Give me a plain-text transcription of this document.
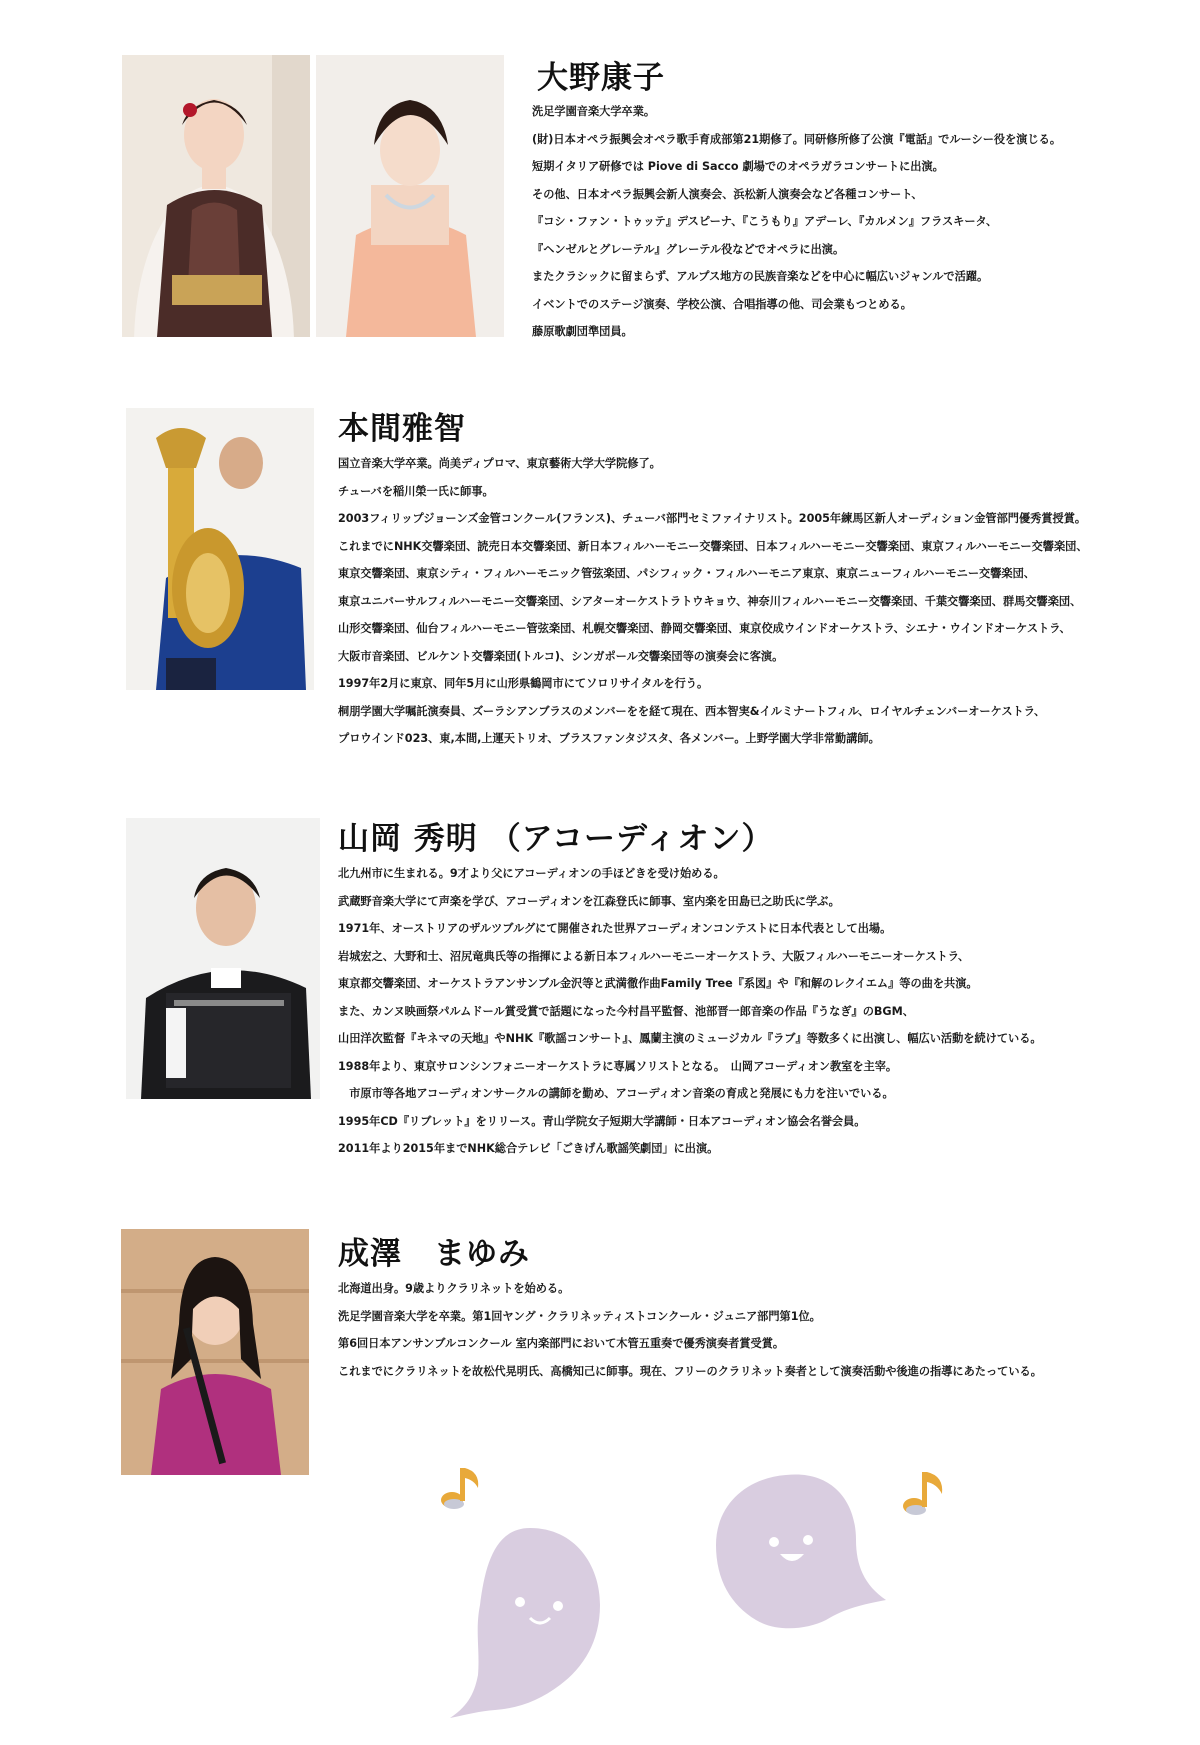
大野康子
洗足学園音楽大学卒業。
(財)日本オペラ振興会オペラ歌手育成部第21期修了。同研修所修了公演『電話』でルーシー役を演じる。
短期イタリア研修では Piove di Sacco 劇場でのオペラガラコンサートに出演。
その他、日本オペラ振興会新人演奏会、浜松新人演奏会など各種コンサート、
『コシ・ファン・トゥッテ』デスピーナ、『こうもり』アデーレ、『カルメン』フラスキータ、
『ヘンゼルとグレーテル』グレーテル役などでオペラに出演。
またクラシックに留まらず、アルプス地方の民族音楽などを中心に幅広いジャンルで活躍。
イベントでのステージ演奏、学校公演、合唱指導の他、司会業もつとめる。
藤原歌劇団準団員。
本間雅智
国立音楽大学卒業。尚美ディプロマ、東京藝術大学大学院修了。
チューバを稲川榮一氏に師事。
2003フィリップジョーンズ金管コンクール(フランス)、チューバ部門セミファイナリスト。2005年練馬区新人オーディション金管部門優秀賞授賞。
これまでにNHK交響楽団、読売日本交響楽団、新日本フィルハーモニー交響楽団、日本フィルハーモニー交響楽団、東京フィルハーモニー交響楽団、
東京交響楽団、東京シティ・フィルハーモニック管弦楽団、パシフィック・フィルハーモニア東京、東京ニューフィルハーモニー交響楽団、
東京ユニバーサルフィルハーモニー交響楽団、シアターオーケストラトウキョウ、神奈川フィルハーモニー交響楽団、千葉交響楽団、群馬交響楽団、
山形交響楽団、仙台フィルハーモニー管弦楽団、札幌交響楽団、静岡交響楽団、東京佼成ウインドオーケストラ、シエナ・ウインドオーケストラ、
大阪市音楽団、ビルケント交響楽団(トルコ)、シンガポール交響楽団等の演奏会に客演。
1997年2月に東京、同年5月に山形県鶴岡市にてソロリサイタルを行う。
桐朋学園大学嘱託演奏員、ズーラシアンブラスのメンバーをを経て現在、西本智実&イルミナートフィル、ロイヤルチェンバーオーケストラ、
プロウインド023、東,本間,上運天トリオ、ブラスファンタジスタ、各メンバー。上野学園大学非常勤講師。
山岡 秀明 （アコーディオン）
北九州市に生まれる。9才より父にアコーディオンの手ほどきを受け始める。
武蔵野音楽大学にて声楽を学び、アコーディオンを江森登氏に師事、室内楽を田島已之助氏に学ぶ。
1971年、オーストリアのザルツブルグにて開催された世界アコーディオンコンテストに日本代表として出場。
岩城宏之、大野和士、沼尻竜典氏等の指揮による新日本フィルハーモニーオーケストラ、大阪フィルハーモニーオーケストラ、
東京都交響楽団、オーケストラアンサンブル金沢等と武満徹作曲Family Tree『系図』や『和解のレクイエム』等の曲を共演。
また、カンヌ映画祭パルムドール賞受賞で話題になった今村昌平監督、池部晋一郎音楽の作品『うなぎ』のBGM、
山田洋次監督『キネマの天地』やNHK『歌謡コンサート』、鳳蘭主演のミュージカル『ラブ』等数多くに出演し、幅広い活動を続けている。
1988年より、東京サロンシンフォニーオーケストラに専属ソリストとなる。　山岡アコーディオン教室を主宰。
　市原市等各地アコーディオンサークルの講師を勤め、アコーディオン音楽の育成と発展にも力を注いでいる。
1995年CD『リブレット』をリリース。青山学院女子短期大学講師・日本アコーディオン協会名誉会員。
2011年より2015年までNHK総合テレビ「ごきげん歌謡笑劇団」に出演。
成澤　まゆみ
北海道出身。9歳よりクラリネットを始める。
洗足学園音楽大学を卒業。第1回ヤング・クラリネッティストコンクール・ジュニア部門第1位。
第6回日本アンサンブルコンクール 室内楽部門において木管五重奏で優秀演奏者賞受賞。
これまでにクラリネットを故松代晃明氏、高橋知己に師事。現在、フリーのクラリネット奏者として演奏活動や後進の指導にあたっている。
